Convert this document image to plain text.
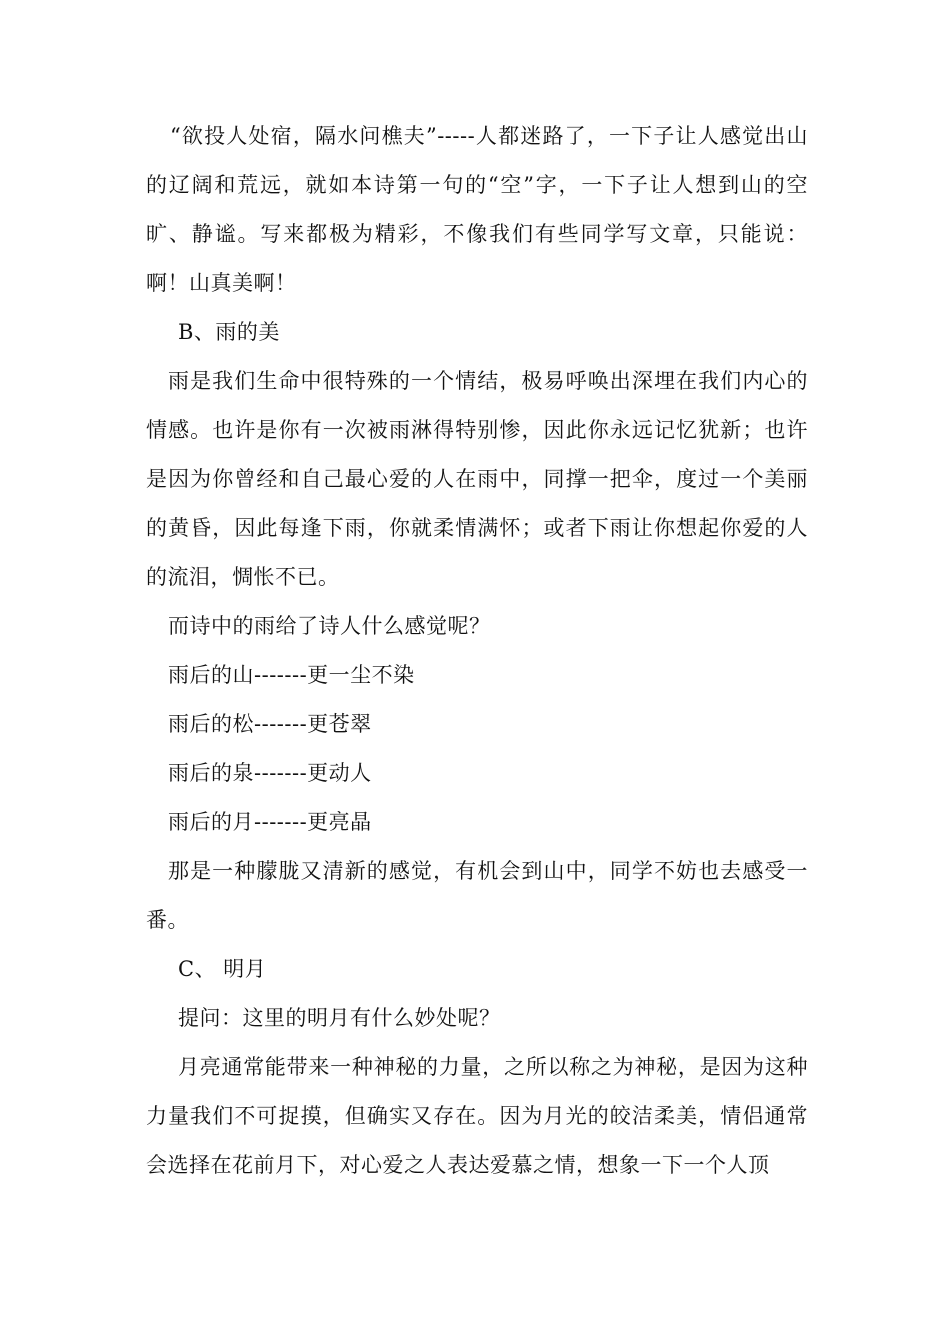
“欲投人处宿，隔水问樵夫”-----人都迷路了，一下子让人感觉出山的辽阔和荒远，就如本诗第一句的“空”字，一下子让人想到山的空旷、静谧。写来都极为精彩，不像我们有些同学写文章，只能说：啊！山真美啊！

B、雨的美

雨是我们生命中很特殊的一个情结，极易呼唤出深埋在我们内心的情感。也许是你有一次被雨淋得特别惨，因此你永远记忆犹新；也许是因为你曾经和自己最心爱的人在雨中，同撑一把伞，度过一个美丽的黄昏，因此每逢下雨，你就柔情满怀；或者下雨让你想起你爱的人的流泪，惆怅不已。

而诗中的雨给了诗人什么感觉呢？

雨后的山-------更一尘不染

雨后的松-------更苍翠

雨后的泉-------更动人

雨后的月-------更亮晶

那是一种朦胧又清新的感觉，有机会到山中，同学不妨也去感受一番。

C、 明月

提问：这里的明月有什么妙处呢？

月亮通常能带来一种神秘的力量，之所以称之为神秘，是因为这种力量我们不可捉摸，但确实又存在。因为月光的皎洁柔美，情侣通常会选择在花前月下，对心爱之人表达爱慕之情，想象一下一个人顶
